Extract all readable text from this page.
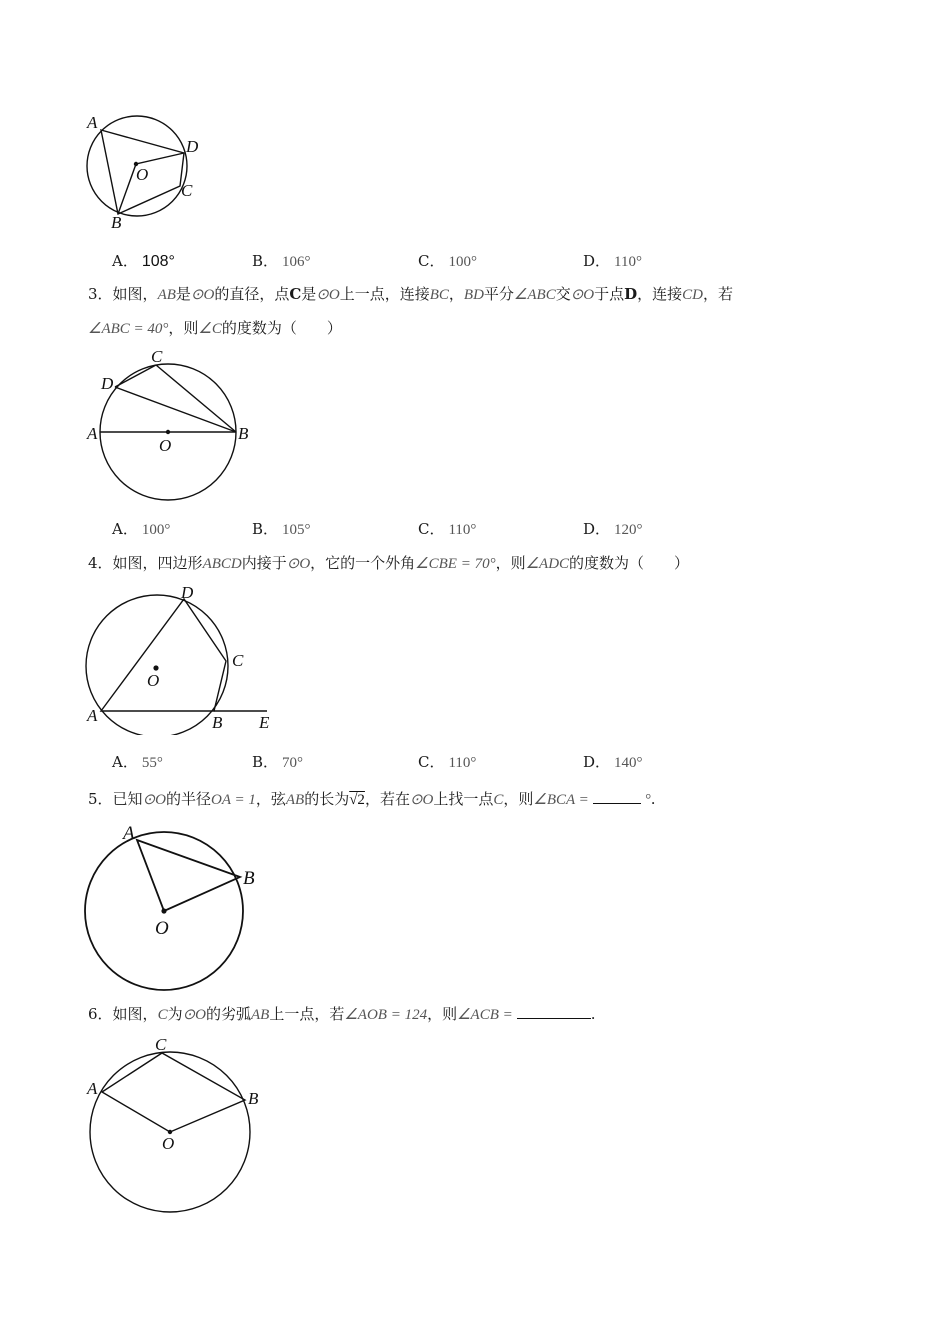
A
D
O
C
B
A． 108°	B． 106°	C． 100°	D． 110°
3．如图，AB是⊙O的直径，点C是⊙O上一点，连接BC，BD平分∠ABC交⊙O于点D，连接CD，若
∠ABC = 40°，则∠C的度数为（　　）
C
D
A	B
O
A． 100°	B． 105°	C． 110°	D． 120°
4．如图，四边形ABCD内接于⊙O，它的一个外角∠CBE = 70°，则∠ADC的度数为（　　）
D
C
O
A	B E
A． 55°	B． 70°	C． 110°	D． 140°
5．已知⊙O的半径OA = 1，弦AB的长为√2，若在⊙O上找一点C，则∠BCA =	°.
A
B
O
6．如图，C为⊙O的劣弧AB上一点，若∠AOB = 124，则∠ACB =	.
C
A
B
O
